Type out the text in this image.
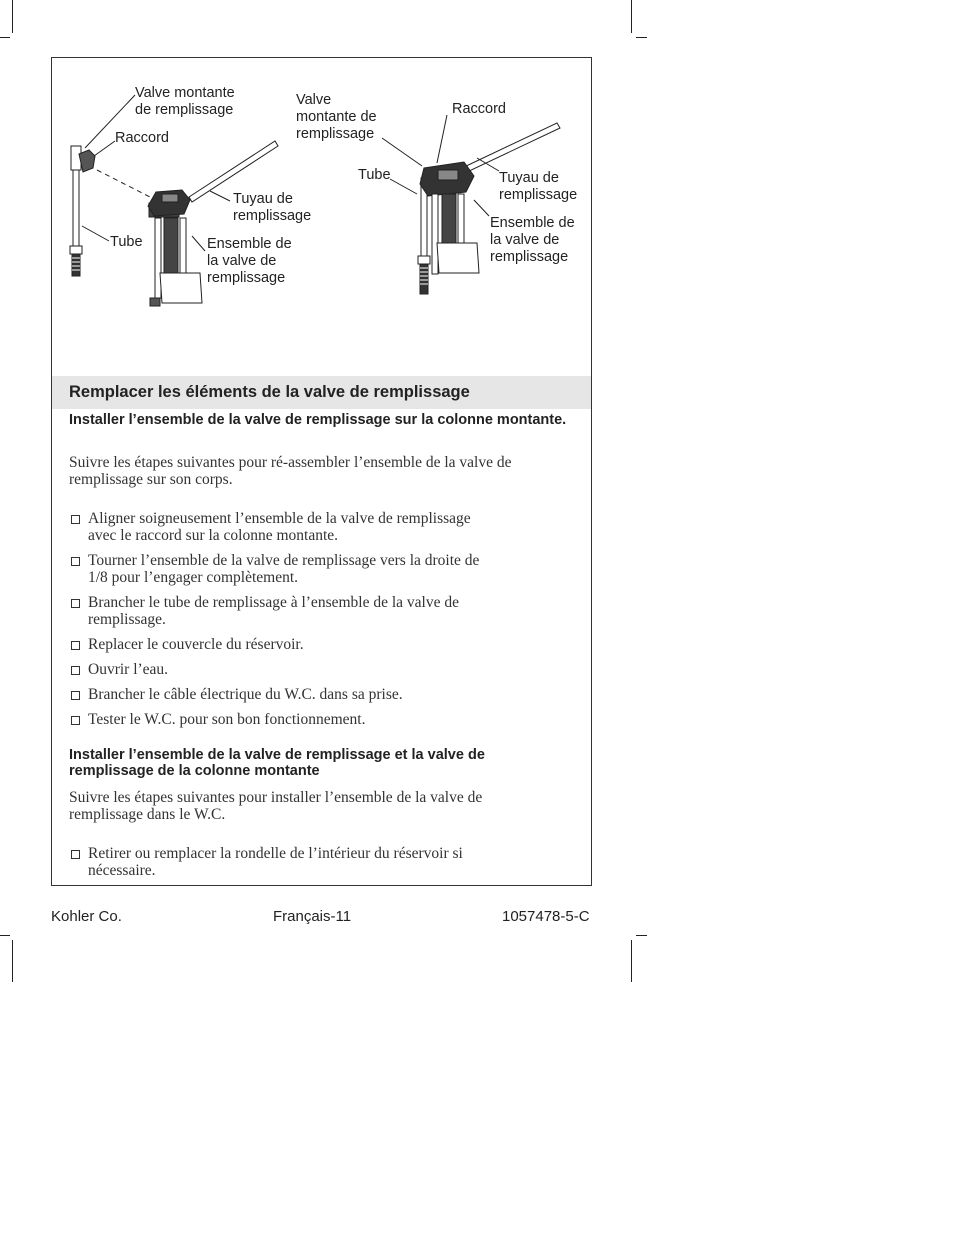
Valve montante
de remplissage
Raccord
Tuyau de
remplissage
Tube	Ensemble de
la valve de
remplissage
Valve
montante de
remplissage
Raccord
Tube	Tuyau de
remplissage
Ensemble de
la valve de
remplissage
Remplacer les éléments de la valve de remplissage
Installer l’ensemble de la valve de remplissage sur la colonne montante.
Suivre les étapes suivantes pour ré-assembler l’ensemble de la valve de remplissage sur son corps.
Aligner soigneusement l’ensemble de la valve de remplissage
avec le raccord sur la colonne montante.
Tourner l’ensemble de la valve de remplissage vers la droite de
1/8 pour l’engager complètement.
Brancher le tube de remplissage à l’ensemble de la valve de
remplissage.
Replacer le couvercle du réservoir.
Ouvrir l’eau.
Brancher le câble électrique du W.C. dans sa prise.
Tester le W.C. pour son bon fonctionnement.
Installer l’ensemble de la valve de remplissage et la valve de remplissage de la colonne montante
Suivre les étapes suivantes pour installer l’ensemble de la valve de remplissage dans le W.C.
Retirer ou remplacer la rondelle de l’intérieur du réservoir si
nécessaire.
Kohler Co.	Français-11	1057478-5-C
